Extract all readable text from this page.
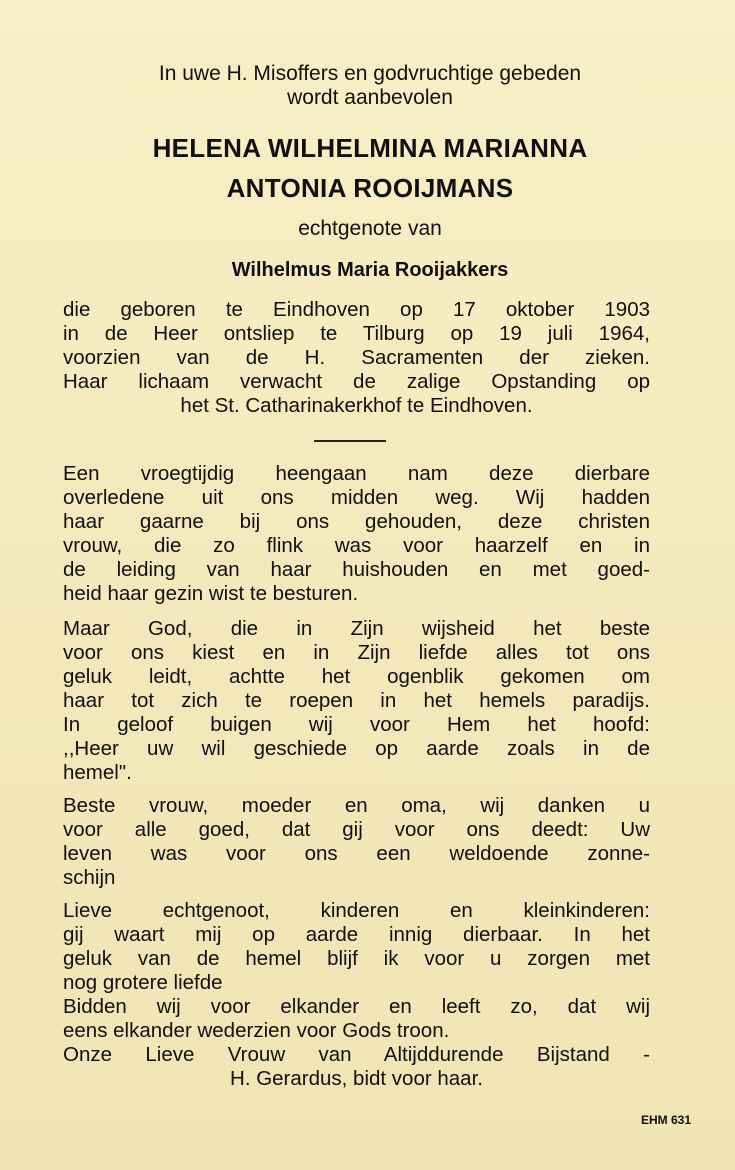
In uwe H. Misoffers en godvruchtige gebeden
wordt aanbevolen
HELENA WILHELMINA MARIANNA
ANTONIA ROOIJMANS
echtgenote van
Wilhelmus Maria Rooijakkers
die geboren te Eindhoven op 17 oktober 1903
in de Heer ontsliep te Tilburg op 19 juli 1964,
voorzien van de H. Sacramenten der zieken.
Haar lichaam verwacht de zalige Opstanding op
het St. Catharinakerkhof te Eindhoven.
Een vroegtijdig heengaan nam deze dierbare
overledene uit ons midden weg. Wij hadden
haar gaarne bij ons gehouden, deze christen
vrouw, die zo flink was voor haarzelf en in
de leiding van haar huishouden en met goed-
heid haar gezin wist te besturen.
Maar God, die in Zijn wijsheid het beste
voor ons kiest en in Zijn liefde alles tot ons
geluk leidt, achtte het ogenblik gekomen om
haar tot zich te roepen in het hemels paradijs.
In geloof buigen wij voor Hem het hoofd:
,,Heer uw wil geschiede op aarde zoals in de
hemel".
Beste vrouw, moeder en oma, wij danken u
voor alle goed, dat gij voor ons deedt: Uw
leven was voor ons een weldoende zonne-
schijn
Lieve echtgenoot, kinderen en kleinkinderen:
gij waart mij op aarde innig dierbaar. In het
geluk van de hemel blijf ik voor u zorgen met
nog grotere liefde
Bidden wij voor elkander en leeft zo, dat wij
eens elkander wederzien voor Gods troon.
Onze Lieve Vrouw van Altijddurende Bijstand -
H. Gerardus, bidt voor haar.
EHM 631
